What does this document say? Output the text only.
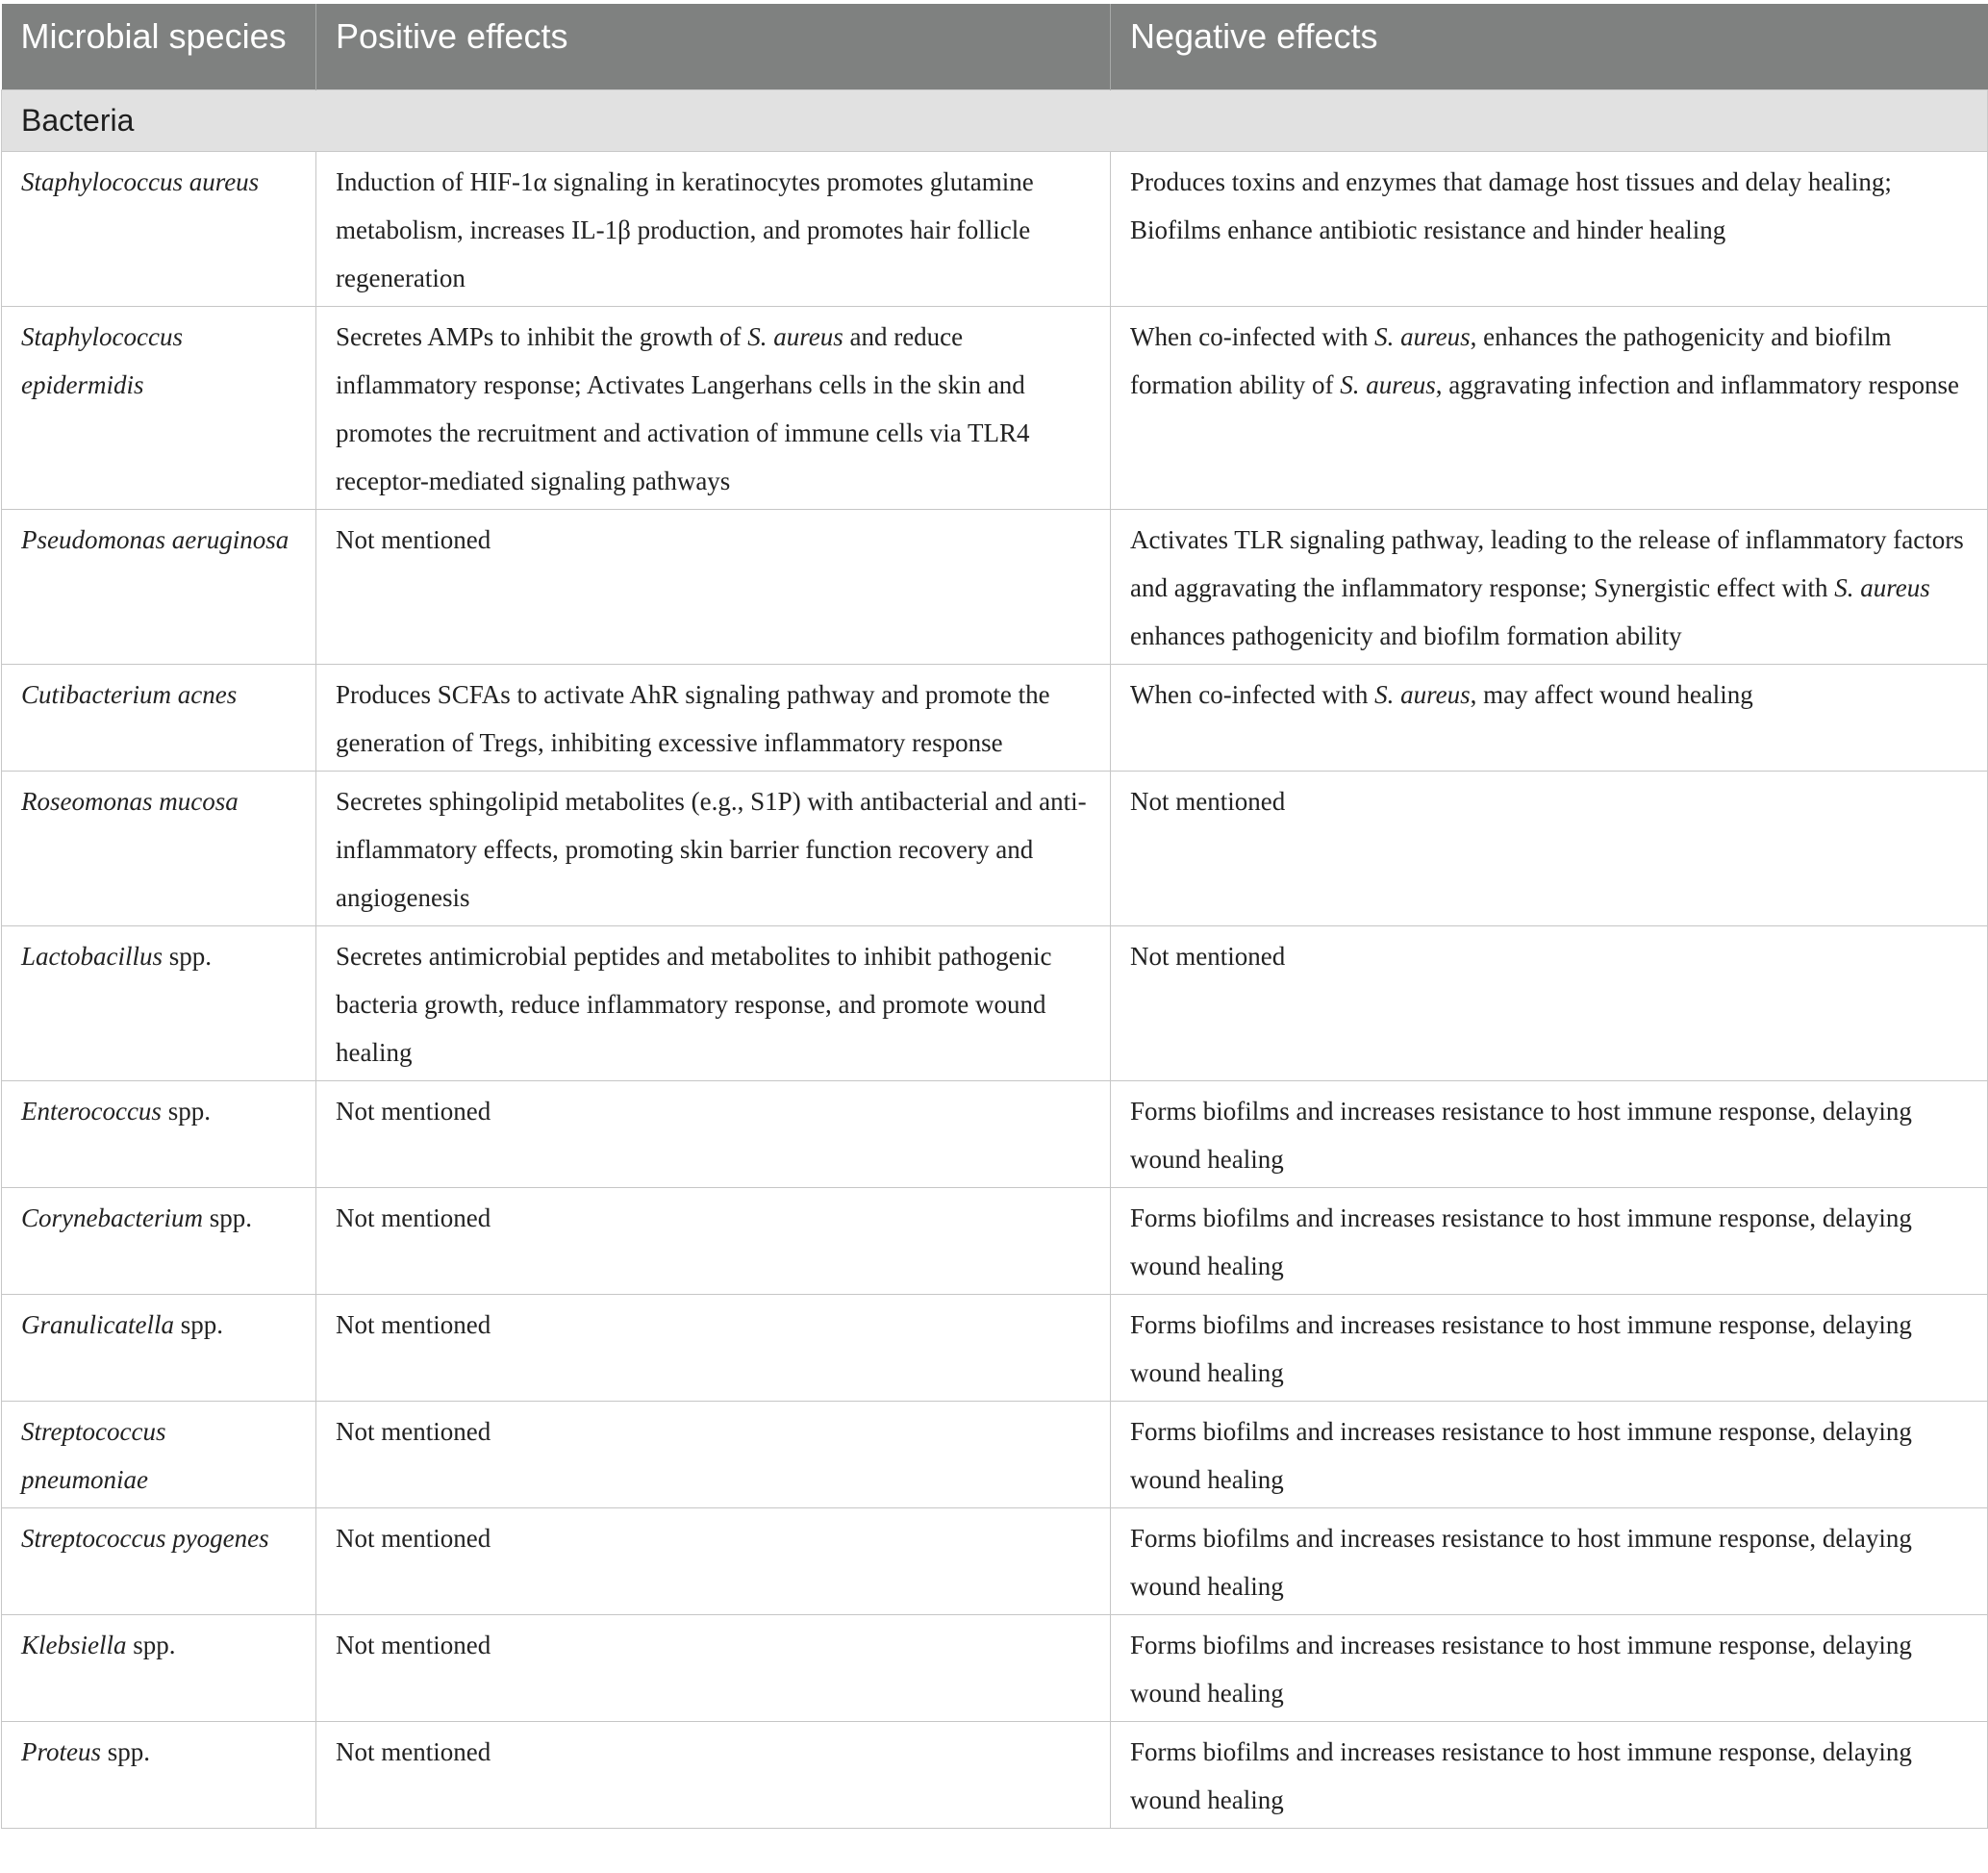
Microbial species	Positive effects	Negative effects
Bacteria		
Staphylococcus aureus	Induction of HIF-1α signaling in keratinocytes promotes glutamine metabolism, increases IL-1β production, and promotes hair follicle regeneration	Produces toxins and enzymes that damage host tissues and delay healing; Biofilms enhance antibiotic resistance and hinder healing
Staphylococcus epidermidis	Secretes AMPs to inhibit the growth of S. aureus and reduce inflammatory response; Activates Langerhans cells in the skin and promotes the recruitment and activation of immune cells via TLR4 receptor-mediated signaling pathways	When co-infected with S. aureus, enhances the pathogenicity and biofilm formation ability of S. aureus, aggravating infection and inflammatory response
Pseudomonas aeruginosa	Not mentioned	Activates TLR signaling pathway, leading to the release of inflammatory factors and aggravating the inflammatory response; Synergistic effect with S. aureus enhances pathogenicity and biofilm formation ability
Cutibacterium acnes	Produces SCFAs to activate AhR signaling pathway and promote the generation of Tregs, inhibiting excessive inflammatory response	When co-infected with S. aureus, may affect wound healing
Roseomonas mucosa	Secretes sphingolipid metabolites (e.g., S1P) with antibacterial and anti-inflammatory effects, promoting skin barrier function recovery and angiogenesis	Not mentioned
Lactobacillus spp.	Secretes antimicrobial peptides and metabolites to inhibit pathogenic bacteria growth, reduce inflammatory response, and promote wound healing	Not mentioned
Enterococcus spp.	Not mentioned	Forms biofilms and increases resistance to host immune response, delaying wound healing
Corynebacterium spp.	Not mentioned	Forms biofilms and increases resistance to host immune response, delaying wound healing
Granulicatella spp.	Not mentioned	Forms biofilms and increases resistance to host immune response, delaying wound healing
Streptococcus pneumoniae	Not mentioned	Forms biofilms and increases resistance to host immune response, delaying wound healing
Streptococcus pyogenes	Not mentioned	Forms biofilms and increases resistance to host immune response, delaying wound healing
Klebsiella spp.	Not mentioned	Forms biofilms and increases resistance to host immune response, delaying wound healing
Proteus spp.	Not mentioned	Forms biofilms and increases resistance to host immune response, delaying wound healing
